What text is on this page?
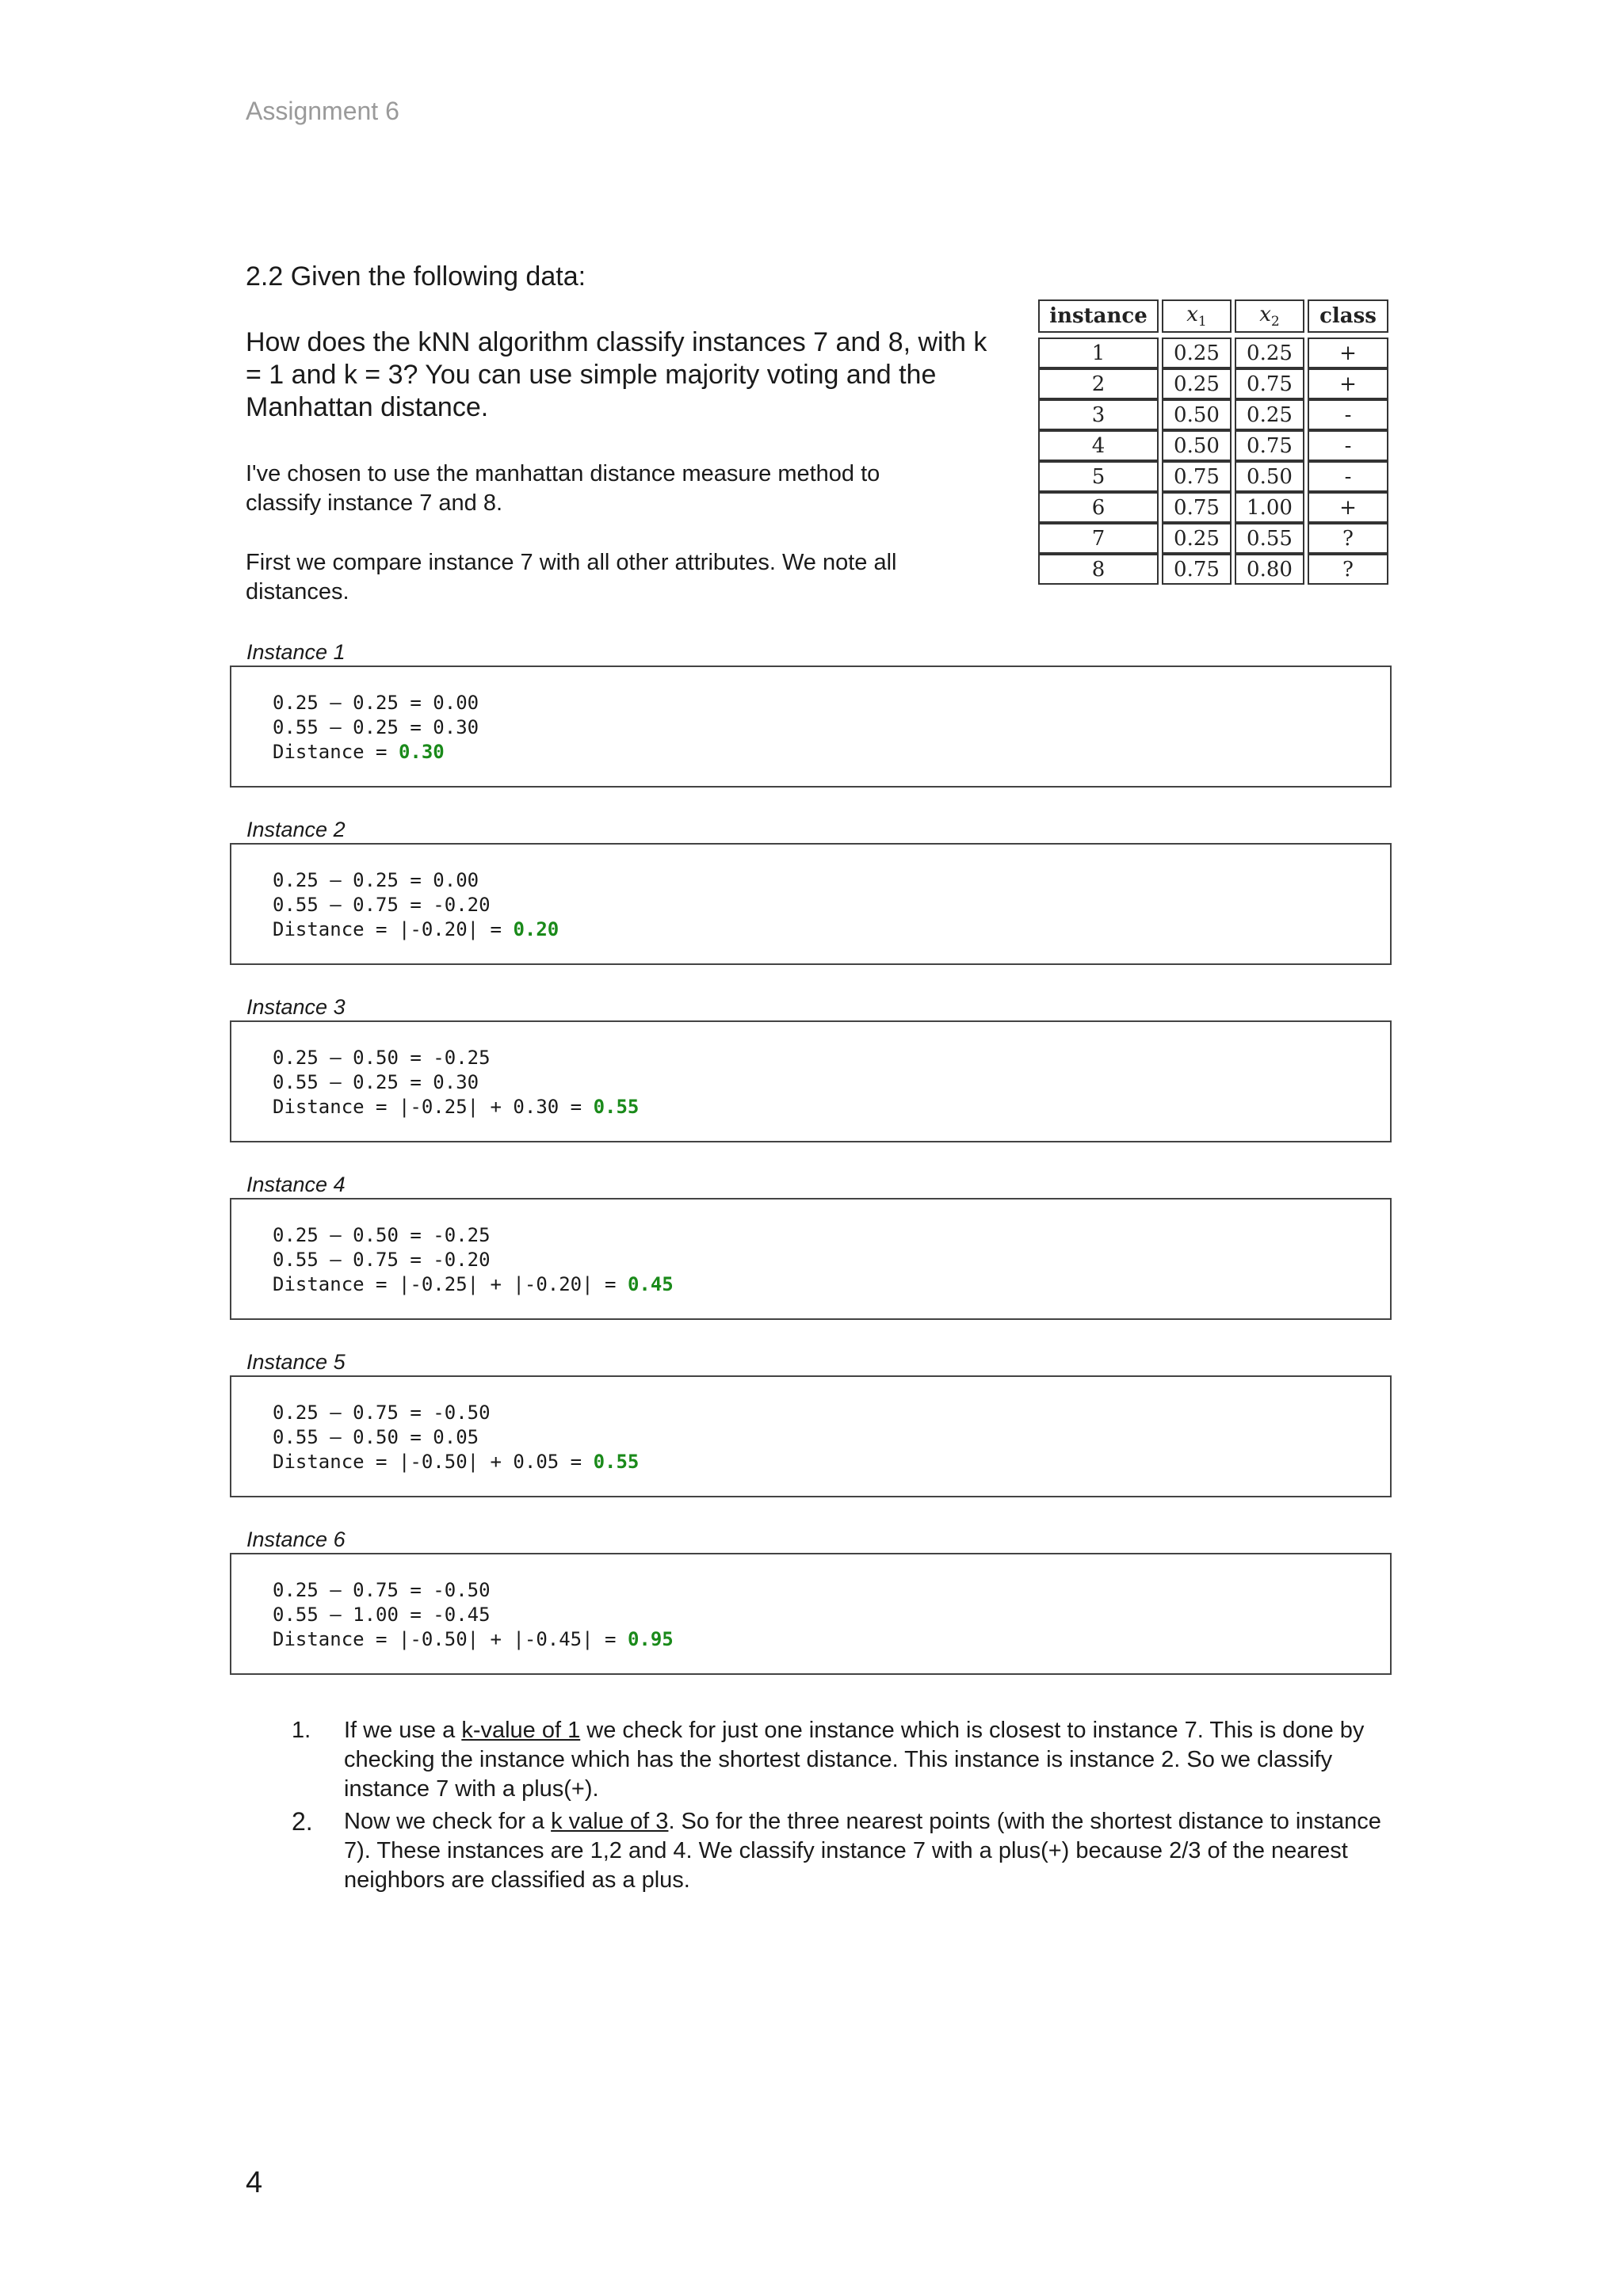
Assignment 6
2.2 Given the following data:
How does the kNN algorithm classify instances 7 and 8, with k = 1 and k = 3? You can use simple majority voting and the Manhattan distance.
I've chosen to use the manhattan distance measure method to classify instance 7 and 8.
First we compare instance 7 with all other attributes. We note all distances.
instance	$x_1$	$x_2$	class

1	0.25	0.25	+
2	0.25	0.75	+
3	0.50	0.25	-
4	0.50	0.75	-
5	0.75	0.50	-
6	0.75	1.00	+
7	0.25	0.55	?
8	0.75	0.80	?
Instance 1
0.25 — 0.25 = 0.00
0.55 — 0.25 = 0.30
Distance = 0.30
Instance 2
0.25 — 0.25 = 0.00
0.55 — 0.75 = -0.20
Distance = |-0.20| = 0.20
Instance 3
0.25 — 0.50 = -0.25
0.55 — 0.25 = 0.30
Distance = |-0.25| + 0.30 = 0.55
Instance 4
0.25 — 0.50 = -0.25
0.55 — 0.75 = -0.20
Distance = |-0.25| + |-0.20| = 0.45
Instance 5
0.25 — 0.75 = -0.50
0.55 — 0.50 = 0.05
Distance = |-0.50| + 0.05 = 0.55
Instance 6
0.25 — 0.75 = -0.50
0.55 — 1.00 = -0.45
Distance = |-0.50| + |-0.45| = 0.95
1.	If we use a k-value of 1 we check for just one instance which is closest to instance 7. This is done by checking the instance which has the shortest distance. This instance is instance 2. So we classify instance 7 with a plus(+).
2.	Now we check for a k value of 3. So for the three nearest points (with the shortest distance to instance 7). These instances are 1,2 and 4. We classify instance 7 with a plus(+) because 2/3 of the nearest neighbors are classified as a plus.
4
